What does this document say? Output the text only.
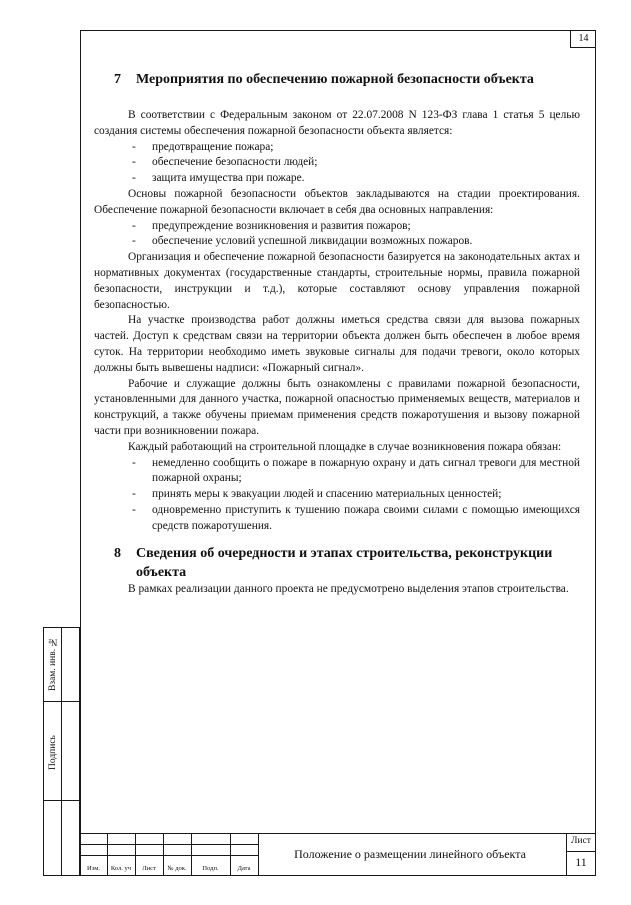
14
7	Мероприятия по обеспечению пожарной безопасности объекта

В соответствии с Федеральным законом от 22.07.2008 N 123-ФЗ глава 1 статья 5 целью создания системы обеспечения пожарной безопасности объекта является:

- предотвращение пожара;
- обеспечение безопасности людей;
- защита имущества при пожаре.

Основы пожарной безопасности объектов закладываются на стадии проектирования. Обеспечение пожарной безопасности включает в себя два основных направления:

- предупреждение возникновения и развития пожаров;
- обеспечение условий успешной ликвидации возможных пожаров.

Организация и обеспечение пожарной безопасности базируется на законодательных актах и нормативных документах (государственные стандарты, строительные нормы, правила пожарной безопасности, инструкции и т.д.), которые составляют основу управления пожарной безопасностью.

На участке производства работ должны иметься средства связи для вызова пожарных частей. Доступ к средствам связи на территории объекта должен быть обеспечен в любое время суток. На территории необходимо иметь звуковые сигналы для подачи тревоги, около которых должны быть вывешены надписи: «Пожарный сигнал».

Рабочие и служащие должны быть ознакомлены с правилами пожарной безопасности, установленными для данного участка, пожарной опасностью применяемых веществ, материалов и конструкций, а также обучены приемам применения средств пожаротушения и вызову пожарной части при возникновении пожара.

Каждый работающий на строительной площадке в случае возникновения пожара обязан:

- немедленно сообщить о пожаре в пожарную охрану и дать сигнал тревоги для местной пожарной охраны;
- принять меры к эвакуации людей и спасению материальных ценностей;
- одновременно приступить к тушению пожара своими силами с помощью имеющихся средств пожаротушения.
8	Сведения об очередности и этапах строительства, реконструкции объекта

В рамках реализации данного проекта не предусмотрено выделения этапов строительства.

Взам. инв. №
Подпись
Изм.	Кол. уч	Лист	№ док.	Подп.	Дата
Положение о размещении линейного объекта
Лист
11
